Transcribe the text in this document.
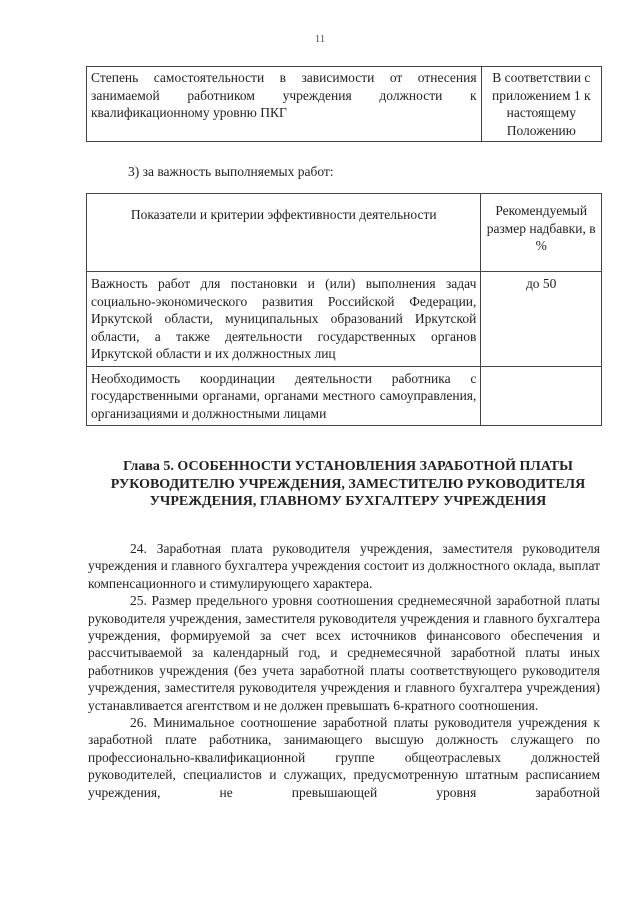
11
Степень самостоятельности в зависимости от отнесения занимаемой работником учреждения должности к квалификационному уровню ПКГ	В соответствии с приложением 1 к настоящему Положению
3) за важность выполняемых работ:
Показатели и критерии эффективности деятельности	Рекомендуемый размер надбавки, в %
Важность работ для постановки и (или) выполнения задач социально-экономического развития Российской Федерации, Иркутской области, муниципальных образований Иркутской области, а также деятельности государственных органов Иркутской области и их должностных лиц	до 50
Необходимость координации деятельности работника с государственными органами, органами местного самоуправления, организациями и должностными лицами	
Глава 5. ОСОБЕННОСТИ УСТАНОВЛЕНИЯ ЗАРАБОТНОЙ ПЛАТЫ РУКОВОДИТЕЛЮ УЧРЕЖДЕНИЯ, ЗАМЕСТИТЕЛЮ РУКОВОДИТЕЛЯ УЧРЕЖДЕНИЯ, ГЛАВНОМУ БУХГАЛТЕРУ УЧРЕЖДЕНИЯ

24. Заработная плата руководителя учреждения, заместителя руководителя учреждения и главного бухгалтера учреждения состоит из должностного оклада, выплат компенсационного и стимулирующего характера.

25. Размер предельного уровня соотношения среднемесячной заработной платы руководителя учреждения, заместителя руководителя учреждения и главного бухгалтера учреждения, формируемой за счет всех источников финансового обеспечения и рассчитываемой за календарный год, и среднемесячной заработной платы иных работников учреждения (без учета заработной платы соответствующего руководителя учреждения, заместителя руководителя учреждения и главного бухгалтера учреждения) устанавливается агентством и не должен превышать 6-кратного соотношения.

26. Минимальное соотношение заработной платы руководителя учреждения к заработной плате работника, занимающего высшую должность служащего по профессионально-квалификационной группе общеотраслевых должностей руководителей, специалистов и служащих, предусмотренную штатным расписанием учреждения, не превышающей уровня заработной
